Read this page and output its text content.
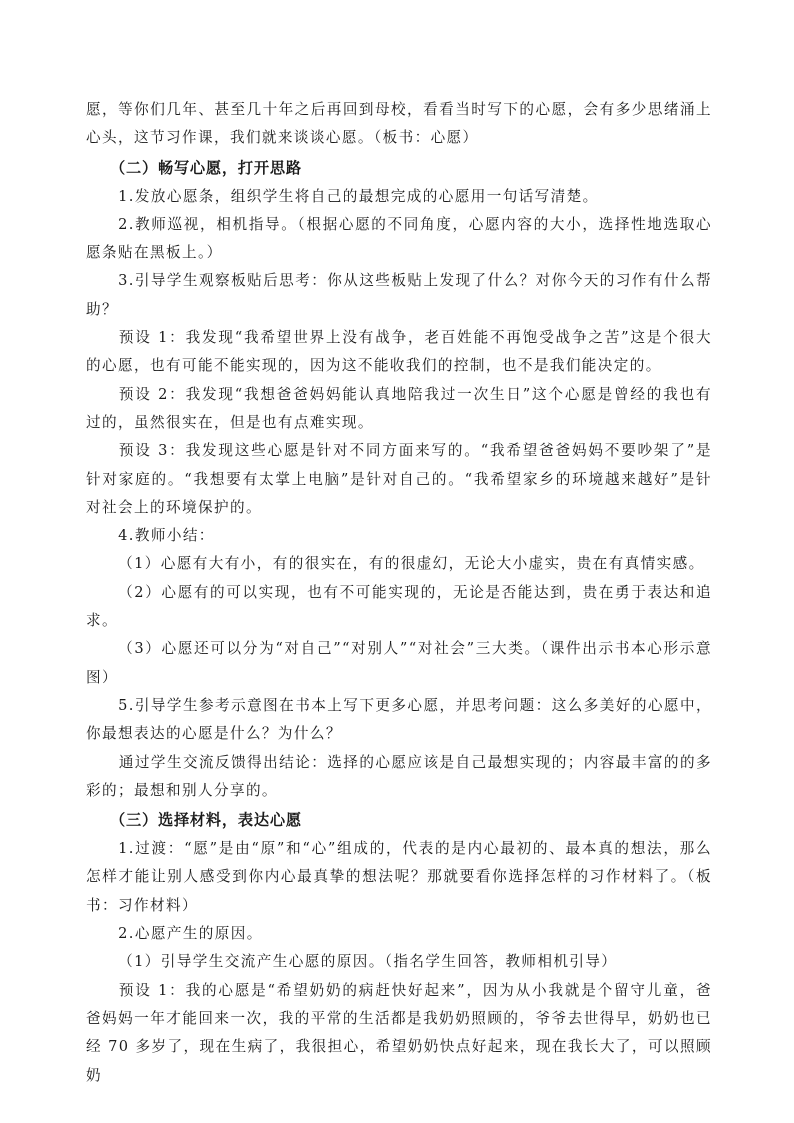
愿，等你们几年、甚至几十年之后再回到母校，看看当时写下的心愿，会有多少思绪涌上心头，这节习作课，我们就来谈谈心愿。（板书：心愿）

（二）畅写心愿，打开思路

1.发放心愿条，组织学生将自己的最想完成的心愿用一句话写清楚。

2.教师巡视，相机指导。（根据心愿的不同角度，心愿内容的大小，选择性地选取心愿条贴在黑板上。）

3.引导学生观察板贴后思考：你从这些板贴上发现了什么？对你今天的习作有什么帮助？

预设 1：我发现“我希望世界上没有战争，老百姓能不再饱受战争之苦”这是个很大的心愿，也有可能不能实现的，因为这不能收我们的控制，也不是我们能决定的。

预设 2：我发现“我想爸爸妈妈能认真地陪我过一次生日”这个心愿是曾经的我也有过的，虽然很实在，但是也有点难实现。

预设 3：我发现这些心愿是针对不同方面来写的。“我希望爸爸妈妈不要吵架了”是针对家庭的。“我想要有太掌上电脑”是针对自己的。“我希望家乡的环境越来越好”是针对社会上的环境保护的。

4.教师小结：

（1）心愿有大有小，有的很实在，有的很虚幻，无论大小虚实，贵在有真情实感。

（2）心愿有的可以实现，也有不可能实现的，无论是否能达到，贵在勇于表达和追求。

（3）心愿还可以分为“对自己”“对别人”“对社会”三大类。（课件出示书本心形示意图）

5.引导学生参考示意图在书本上写下更多心愿，并思考问题：这么多美好的心愿中，你最想表达的心愿是什么？为什么？

通过学生交流反馈得出结论：选择的心愿应该是自己最想实现的；内容最丰富的的多彩的；最想和别人分享的。

（三）选择材料，表达心愿

1.过渡：“愿”是由“原”和“心”组成的，代表的是内心最初的、最本真的想法，那么怎样才能让别人感受到你内心最真挚的想法呢？那就要看你选择怎样的习作材料了。（板书：习作材料）

2.心愿产生的原因。

（1）引导学生交流产生心愿的原因。（指名学生回答，教师相机引导）

预设 1：我的心愿是“希望奶奶的病赶快好起来”，因为从小我就是个留守儿童，爸爸妈妈一年才能回来一次，我的平常的生活都是我奶奶照顾的，爷爷去世得早，奶奶也已经 70 多岁了，现在生病了，我很担心，希望奶奶快点好起来，现在我长大了，可以照顾奶
